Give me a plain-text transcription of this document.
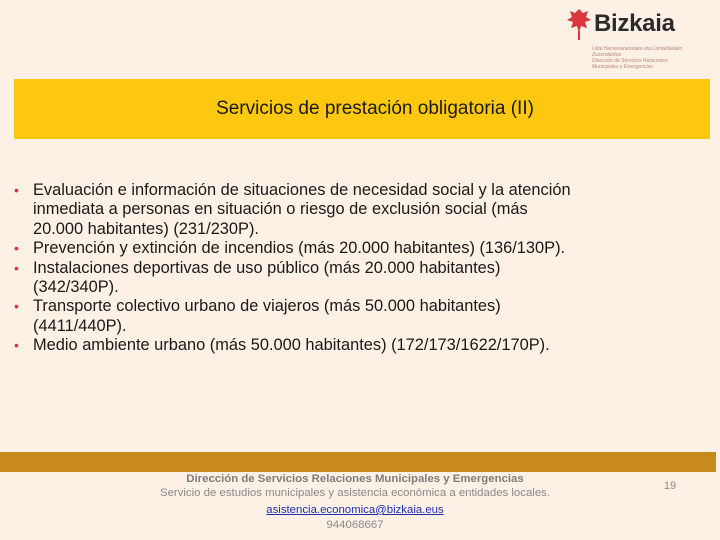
Bizkaia
Udal Harremanetarako eta Larrialdietako
Zuzendaritza
Dirección de Servicios Relaciones
Municipales y Emergencias
Servicios de prestación obligatoria (II)
• Evaluación e información de situaciones de necesidad social y la atención
inmediata a personas en situación o riesgo de exclusión social (más
20.000 habitantes) (231/230P).
• Prevención y extinción de incendios (más 20.000 habitantes) (136/130P).
• Instalaciones deportivas de uso público (más 20.000 habitantes)
(342/340P).
• Transporte colectivo urbano de viajeros (más 50.000 habitantes)
(4411/440P).
• Medio ambiente urbano (más 50.000 habitantes) (172/173/1622/170P).
Dirección de Servicios Relaciones Municipales y Emergencias
Servicio de estudios municipales y asistencia económica a entidades locales.
asistencia.economica@bizkaia.eus
944068667
19
